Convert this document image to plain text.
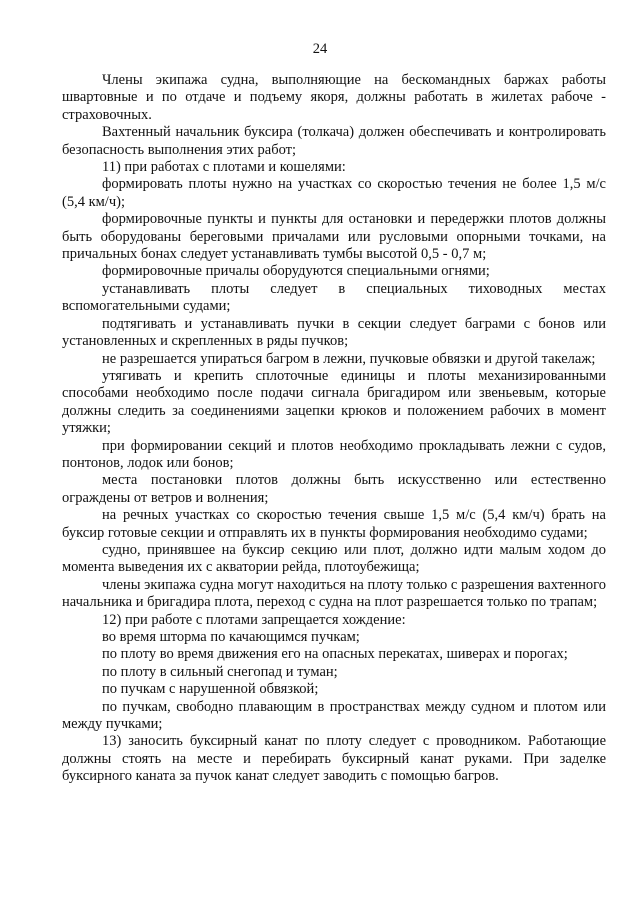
24

Члены экипажа судна, выполняющие на бескомандных баржах работы швартовные и по отдаче и подъему якоря, должны работать в жилетах рабоче - страховочных.

Вахтенный начальник буксира (толкача) должен обеспечивать и контролировать безопасность выполнения этих работ;

11) при работах с плотами и кошелями:

формировать плоты нужно на участках со скоростью течения не более 1,5 м/с (5,4 км/ч);

формировочные пункты и пункты для остановки и передержки плотов должны быть оборудованы береговыми причалами или русловыми опорными точками, на причальных бонах следует устанавливать тумбы высотой 0,5 - 0,7 м;

формировочные причалы оборудуются специальными огнями;

устанавливать плоты следует в специальных тиховодных местах вспомогательными судами;

подтягивать и устанавливать пучки в секции следует баграми с бонов или установленных и скрепленных в ряды пучков;

не разрешается упираться багром в лежни, пучковые обвязки и другой такелаж;

утягивать и крепить сплоточные единицы и плоты механизированными способами необходимо после подачи сигнала бригадиром или звеньевым, которые должны следить за соединениями зацепки крюков и положением рабочих в момент утяжки;

при формировании секций и плотов необходимо прокладывать лежни с судов, понтонов, лодок или бонов;

места постановки плотов должны быть искусственно или естественно ограждены от ветров и волнения;

на речных участках со скоростью течения свыше 1,5 м/с (5,4 км/ч) брать на буксир готовые секции и отправлять их в пункты формирования необходимо судами;

судно, принявшее на буксир секцию или плот, должно идти малым ходом до момента выведения их с акватории рейда, плотоубежища;

члены экипажа судна могут находиться на плоту только с разрешения вахтенного начальника и бригадира плота, переход с судна на плот разрешается только по трапам;

12) при работе с плотами запрещается хождение:

во время шторма по качающимся пучкам;

по плоту во время движения его на опасных перекатах, шиверах и порогах;

по плоту в сильный снегопад и туман;

по пучкам с нарушенной обвязкой;

по пучкам, свободно плавающим в пространствах между судном и плотом или между пучками;

13) заносить буксирный канат по плоту следует с проводником. Работающие должны стоять на месте и перебирать буксирный канат руками. При заделке буксирного каната за пучок канат следует заводить с помощью багров.
